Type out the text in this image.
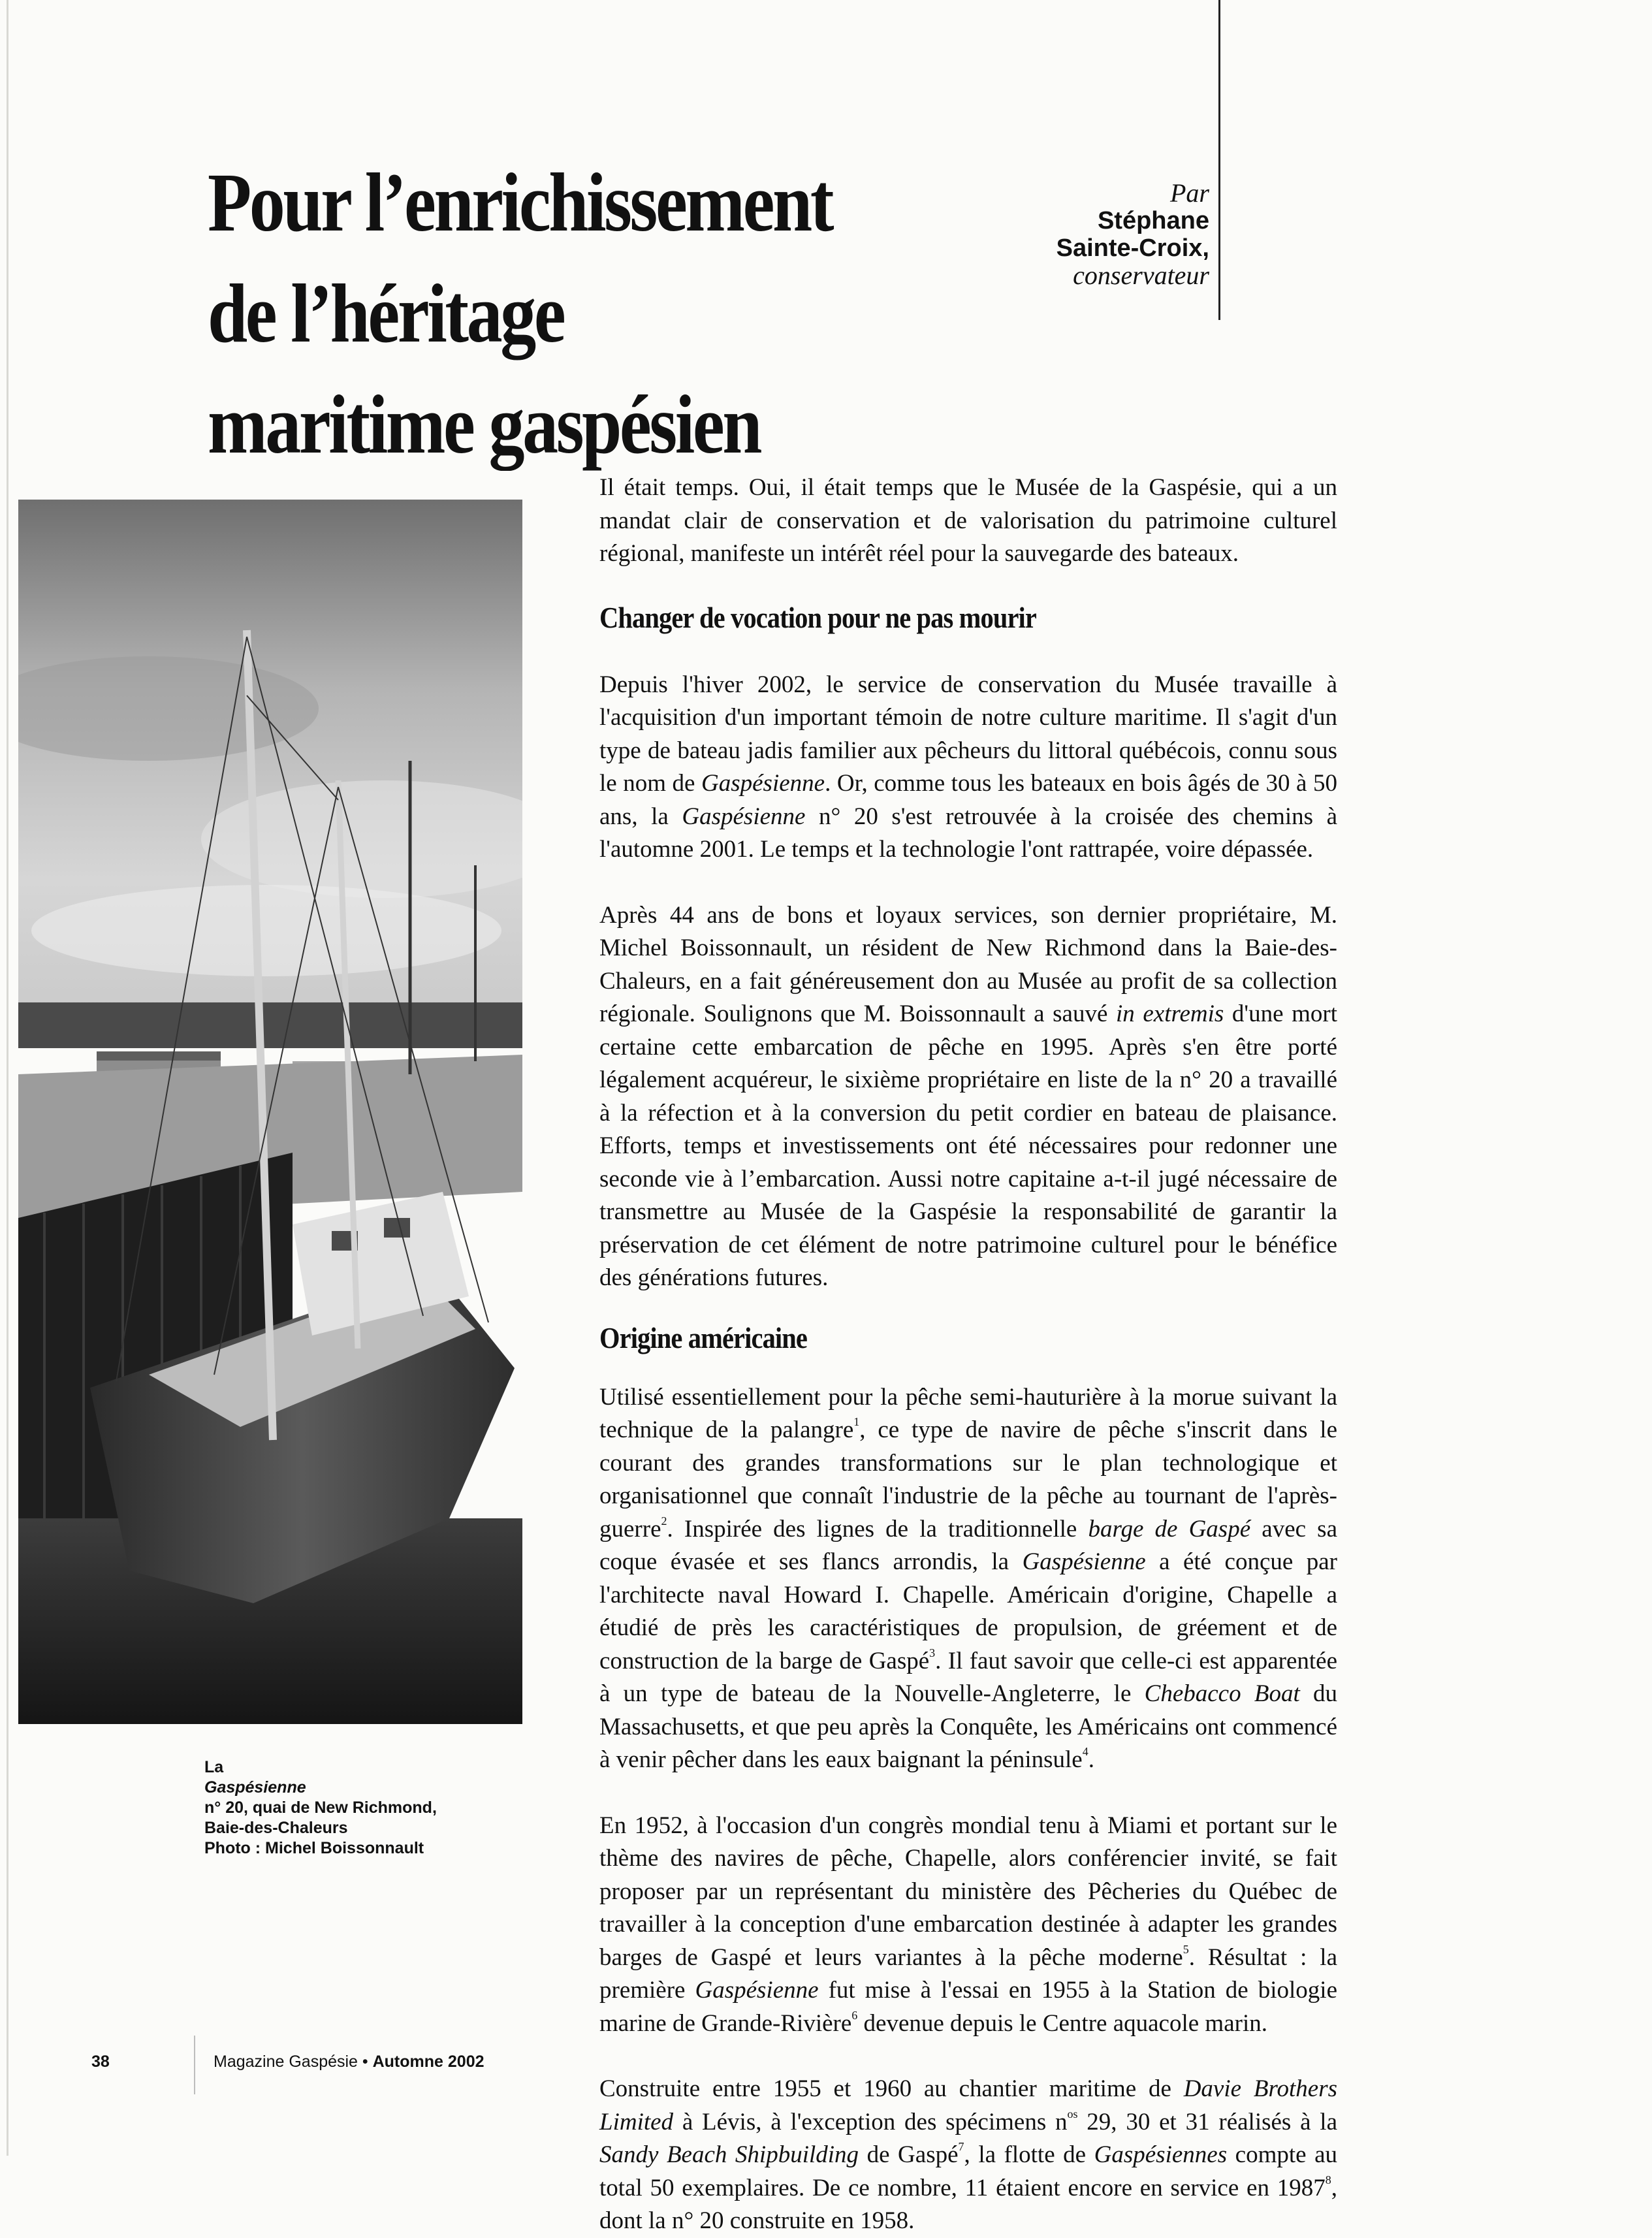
Pour l’enrichissement
de l’héritage
maritime gaspésien
Par
Stéphane
Sainte-Croix,
conservateur
La
Gaspésienne
n° 20, quai de New Richmond,
Baie-des-Chaleurs
Photo : Michel Boissonnault

Il était temps. Oui, il était temps que le Musée de la Gaspésie, qui a un mandat clair de conservation et de valorisation du patrimoine culturel régional, manifeste un intérêt réel pour la sauvegarde des bateaux.

Changer de vocation pour ne pas mourir

Depuis l'hiver 2002, le service de conservation du Musée travaille à l'acquisition d'un important témoin de notre culture maritime. Il s'agit d'un type de bateau jadis familier aux pêcheurs du littoral québécois, connu sous le nom de Gaspésienne. Or, comme tous les bateaux en bois âgés de 30 à 50 ans, la Gaspésienne n° 20 s'est retrouvée à la croisée des chemins à l'automne 2001. Le temps et la technologie l'ont rattrapée, voire dépassée.

Après 44 ans de bons et loyaux services, son dernier propriétaire, M. Michel Boissonnault, un résident de New Richmond dans la Baie-des-Chaleurs, en a fait généreusement don au Musée au profit de sa collection régionale. Soulignons que M. Boissonnault a sauvé in extremis d'une mort certaine cette embarcation de pêche en 1995. Après s'en être porté légalement acquéreur, le sixième propriétaire en liste de la n° 20 a travaillé à la réfection et à la conversion du petit cordier en bateau de plaisance. Efforts, temps et investissements ont été nécessaires pour redonner une seconde vie à l’embarcation. Aussi notre capitaine a-t-il jugé nécessaire de transmettre au Musée de la Gaspésie la responsabilité de garantir la préservation de cet élément de notre patrimoine culturel pour le bénéfice des générations futures.

Origine américaine

Utilisé essentiellement pour la pêche semi-hauturière à la morue suivant la technique de la palangre$^1$, ce type de navire de pêche s'inscrit dans le courant des grandes transformations sur le plan technologique et organisationnel que connaît l'industrie de la pêche au tournant de l'après-guerre$^2$. Inspirée des lignes de la traditionnelle barge de Gaspé avec sa coque évasée et ses flancs arrondis, la Gaspésienne a été conçue par l'architecte naval Howard I. Chapelle. Américain d'origine, Chapelle a étudié de près les caractéristiques de propulsion, de gréement et de construction de la barge de Gaspé$^3$. Il faut savoir que celle-ci est apparentée à un type de bateau de la Nouvelle-Angleterre, le Chebacco Boat du Massachusetts, et que peu après la Conquête, les Américains ont commencé à venir pêcher dans les eaux baignant la péninsule$^4$.

En 1952, à l'occasion d'un congrès mondial tenu à Miami et portant sur le thème des navires de pêche, Chapelle, alors conférencier invité, se fait proposer par un représentant du ministère des Pêcheries du Québec de travailler à la conception d'une embarcation destinée à adapter les grandes barges de Gaspé et leurs variantes à la pêche moderne$^5$. Résultat : la première Gaspésienne fut mise à l'essai en 1955 à la Station de biologie marine de Grande-Rivière$^6$ devenue depuis le Centre aquacole marin.

Construite entre 1955 et 1960 au chantier maritime de Davie Brothers Limited à Lévis, à l'exception des spécimens $n^{os}$ 29, 30 et 31 réalisés à la Sandy Beach Shipbuilding de Gaspé$^7$, la flotte de Gaspésiennes compte au total 50 exemplaires. De ce nombre, 11 étaient encore en service en 1987$^8$, dont la n° 20 construite en 1958.

38	Magazine Gaspésie • Automne 2002
